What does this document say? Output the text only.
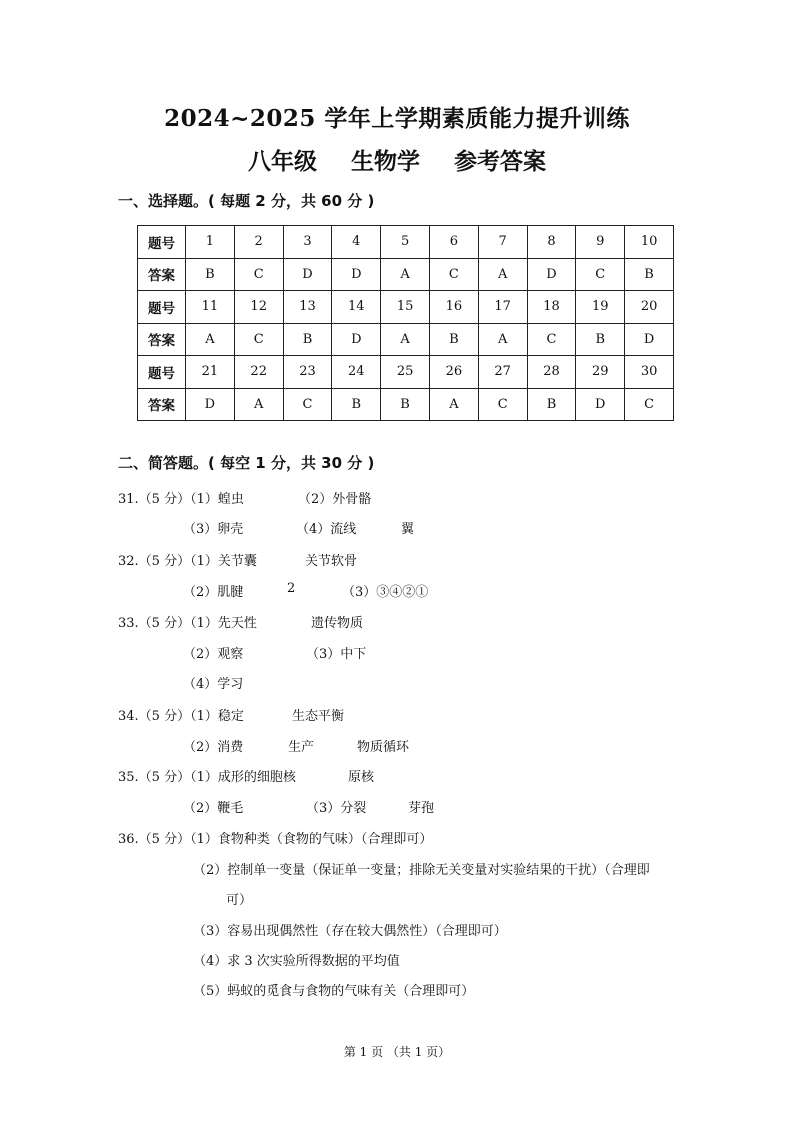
2024~2025 学年上学期素质能力提升训练
八年级 生物学 参考答案
一、选择题。( 每题 2 分，共 60 分 )
题号	1	2	3	4	5	6	7	8	9	10
答案	B	C	D	D	A	C	A	D	C	B
题号	11	12	13	14	15	16	17	18	19	20
答案	A	C	B	D	A	B	A	C	B	D
题号	21	22	23	24	25	26	27	28	29	30
答案	D	A	C	B	B	A	C	B	D	C
二、简答题。( 每空 1 分，共 30 分 )
31.（5 分）（1）蝗虫	（2）外骨骼
（3）卵壳	（4）流线	翼
32.（5 分）（1）关节囊	关节软骨
（2）肌腱	2	（3）③④②①
33.（5 分）（1）先天性	遗传物质
（2）观察	（3）中下
（4）学习
34.（5 分）（1）稳定	生态平衡
（2）消费	生产	物质循环
35.（5 分）（1）成形的细胞核	原核
（2）鞭毛	（3）分裂	芽孢
36.（5 分）（1）食物种类（食物的气味）（合理即可）
（2）控制单一变量（保证单一变量；排除无关变量对实验结果的干扰）（合理即
可）
（3）容易出现偶然性（存在较大偶然性）（合理即可）
（4）求 3 次实验所得数据的平均值
（5）蚂蚁的觅食与食物的气味有关（合理即可）
第 1 页 （共 1 页）
